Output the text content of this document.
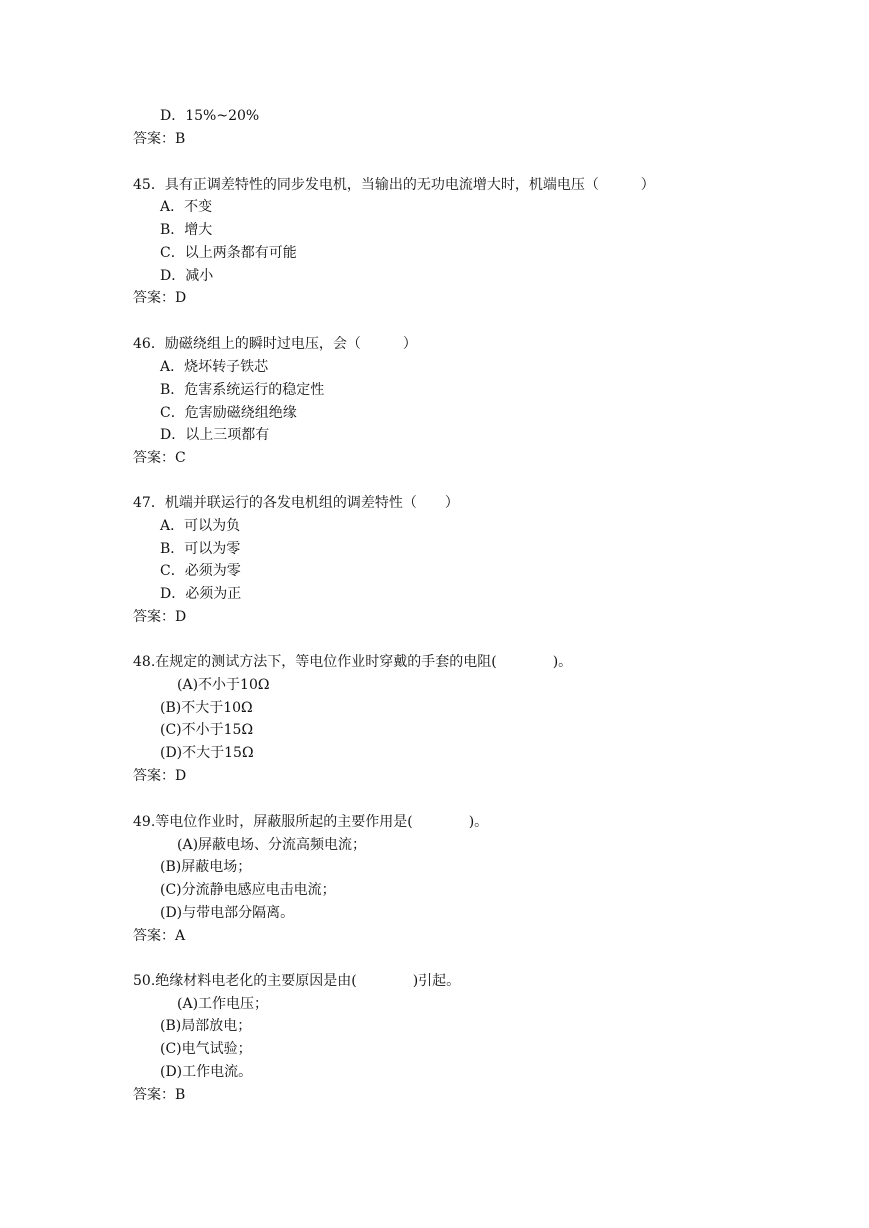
D．15%~20%
答案：B
45．具有正调差特性的同步发电机，当输出的无功电流增大时，机端电压（　　　）
A．不变
B．增大
C．以上两条都有可能
D．减小
答案：D
46．励磁绕组上的瞬时过电压，会（　　　）
A．烧坏转子铁芯
B．危害系统运行的稳定性
C．危害励磁绕组绝缘
D．以上三项都有
答案：C
47．机端并联运行的各发电机组的调差特性（　　）
A．可以为负
B．可以为零
C．必须为零
D．必须为正
答案：D
48.在规定的测试方法下，等电位作业时穿戴的手套的电阻(　　　　)。
(A)不小于10Ω
(B)不大于10Ω
(C)不小于15Ω
(D)不大于15Ω
答案：D
49.等电位作业时，屏蔽服所起的主要作用是(　　　　)。
(A)屏蔽电场、分流高频电流；
(B)屏蔽电场；
(C)分流静电感应电击电流；
(D)与带电部分隔离。
答案：A
50.绝缘材料电老化的主要原因是由(　　　　)引起。
(A)工作电压；
(B)局部放电；
(C)电气试验；
(D)工作电流。
答案：B
